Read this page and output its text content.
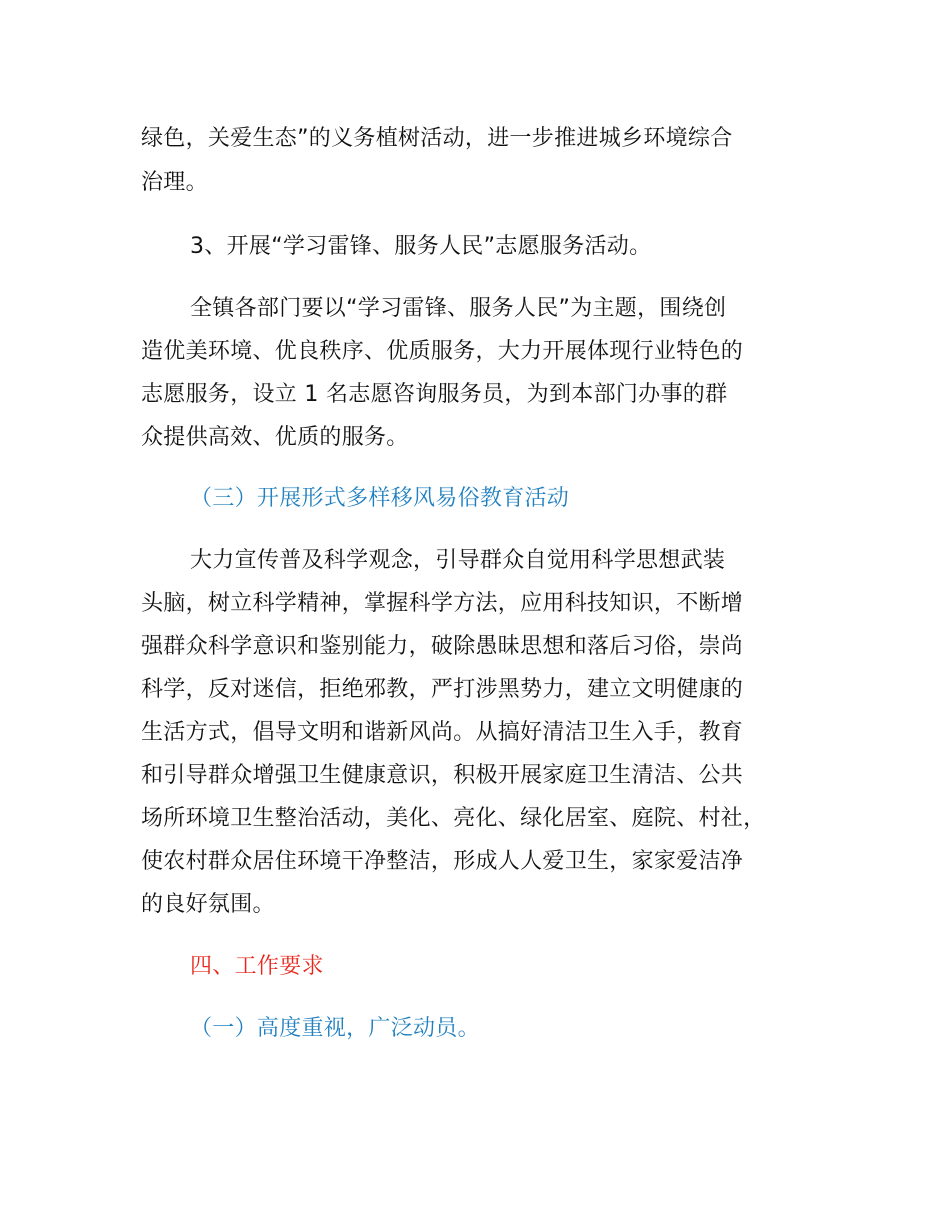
绿色，关爱生态”的义务植树活动，进一步推进城乡环境综合
治理。
3、开展“学习雷锋、服务人民”志愿服务活动。
全镇各部门要以“学习雷锋、服务人民”为主题，围绕创
造优美环境、优良秩序、优质服务，大力开展体现行业特色的
志愿服务，设立 1 名志愿咨询服务员，为到本部门办事的群
众提供高效、优质的服务。
（三）开展形式多样移风易俗教育活动
大力宣传普及科学观念，引导群众自觉用科学思想武装
头脑，树立科学精神，掌握科学方法，应用科技知识，不断增
强群众科学意识和鉴别能力，破除愚昧思想和落后习俗，崇尚
科学，反对迷信，拒绝邪教，严打涉黑势力，建立文明健康的
生活方式，倡导文明和谐新风尚。从搞好清洁卫生入手，教育
和引导群众增强卫生健康意识，积极开展家庭卫生清洁、公共
场所环境卫生整治活动，美化、亮化、绿化居室、庭院、村社，
使农村群众居住环境干净整洁，形成人人爱卫生，家家爱洁净
的良好氛围。
四、工作要求
（一）高度重视，广泛动员。
